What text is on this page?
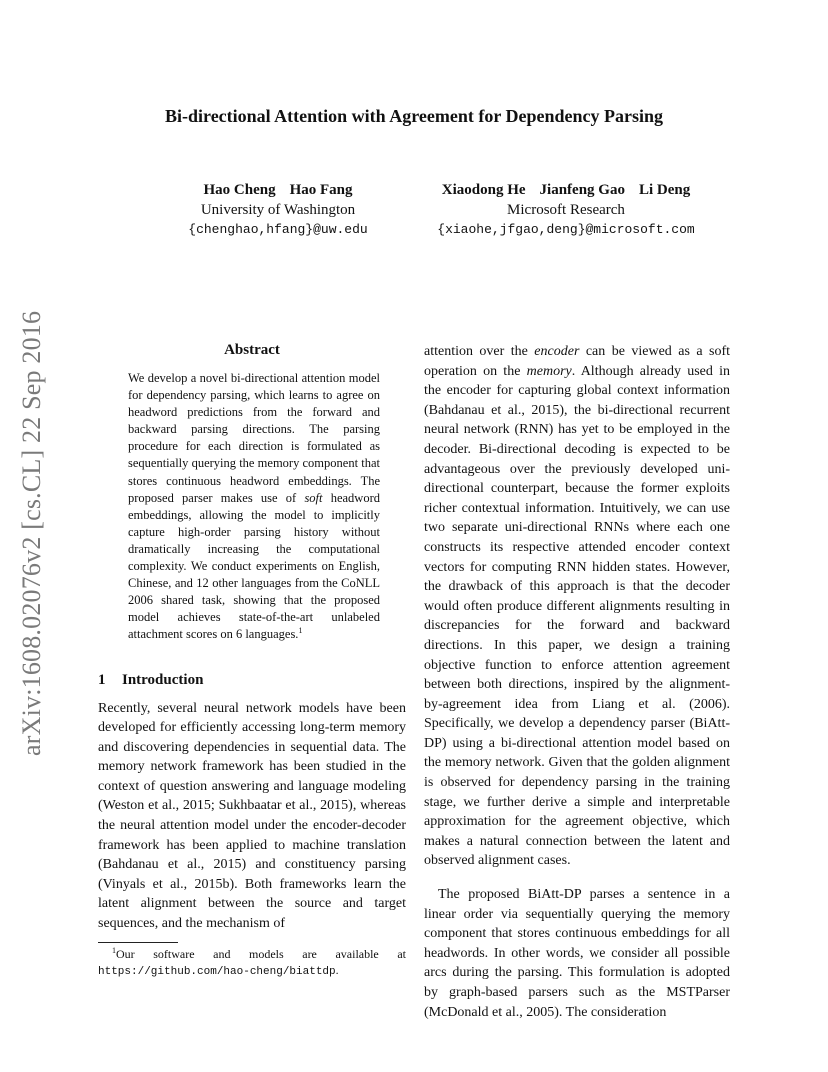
Bi-directional Attention with Agreement for Dependency Parsing
Hao Cheng Hao Fang
University of Washington
{chenghao,hfang}@uw.edu
Xiaodong He Jianfeng Gao Li Deng
Microsoft Research
{xiaohe,jfgao,deng}@microsoft.com
arXiv:1608.02076v2 [cs.CL] 22 Sep 2016	Abstract

We develop a novel bi-directional attention model for dependency parsing, which learns to agree on headword predictions from the forward and backward parsing directions. The parsing procedure for each direction is formulated as sequentially querying the memory component that stores continuous headword embeddings. The proposed parser makes use of soft headword embeddings, allowing the model to implicitly capture high-order parsing history without dramatically increasing the computational complexity. We conduct experiments on English, Chinese, and 12 other languages from the CoNLL 2006 shared task, showing that the proposed model achieves state-of-the-art unlabeled attachment scores on 6 languages.$^1$

1 Introduction

Recently, several neural network models have been developed for efficiently accessing long-term memory and discovering dependencies in sequential data. The memory network framework has been studied in the context of question answering and language modeling (Weston et al., 2015; Sukhbaatar et al., 2015), whereas the neural attention model under the encoder-decoder framework has been applied to machine translation (Bahdanau et al., 2015) and constituency parsing (Vinyals et al., 2015b). Both frameworks learn the latent alignment between the source and target sequences, and the mechanism of

attention over the encoder can be viewed as a soft operation on the memory. Although already used in the encoder for capturing global context information (Bahdanau et al., 2015), the bi-directional recurrent neural network (RNN) has yet to be employed in the decoder. Bi-directional decoding is expected to be advantageous over the previously developed uni-directional counterpart, because the former exploits richer contextual information. Intuitively, we can use two separate uni-directional RNNs where each one constructs its respective attended encoder context vectors for computing RNN hidden states. However, the drawback of this approach is that the decoder would often produce different alignments resulting in discrepancies for the forward and backward directions. In this paper, we design a training objective function to enforce attention agreement between both directions, inspired by the alignment-by-agreement idea from Liang et al. (2006). Specifically, we develop a dependency parser (BiAtt-DP) using a bi-directional attention model based on the memory network. Given that the golden alignment is observed for dependency parsing in the training stage, we further derive a simple and interpretable approximation for the agreement objective, which makes a natural connection between the latent and observed alignment cases.

The proposed BiAtt-DP parses a sentence in a linear order via sequentially querying the memory component that stores continuous embeddings for all headwords. In other words, we consider all possible arcs during the parsing. This formulation is adopted by graph-based parsers such as the MSTParser (McDonald et al., 2005). The consideration

$^1$Our software and models are available at https://github.com/hao-cheng/biattdp.
